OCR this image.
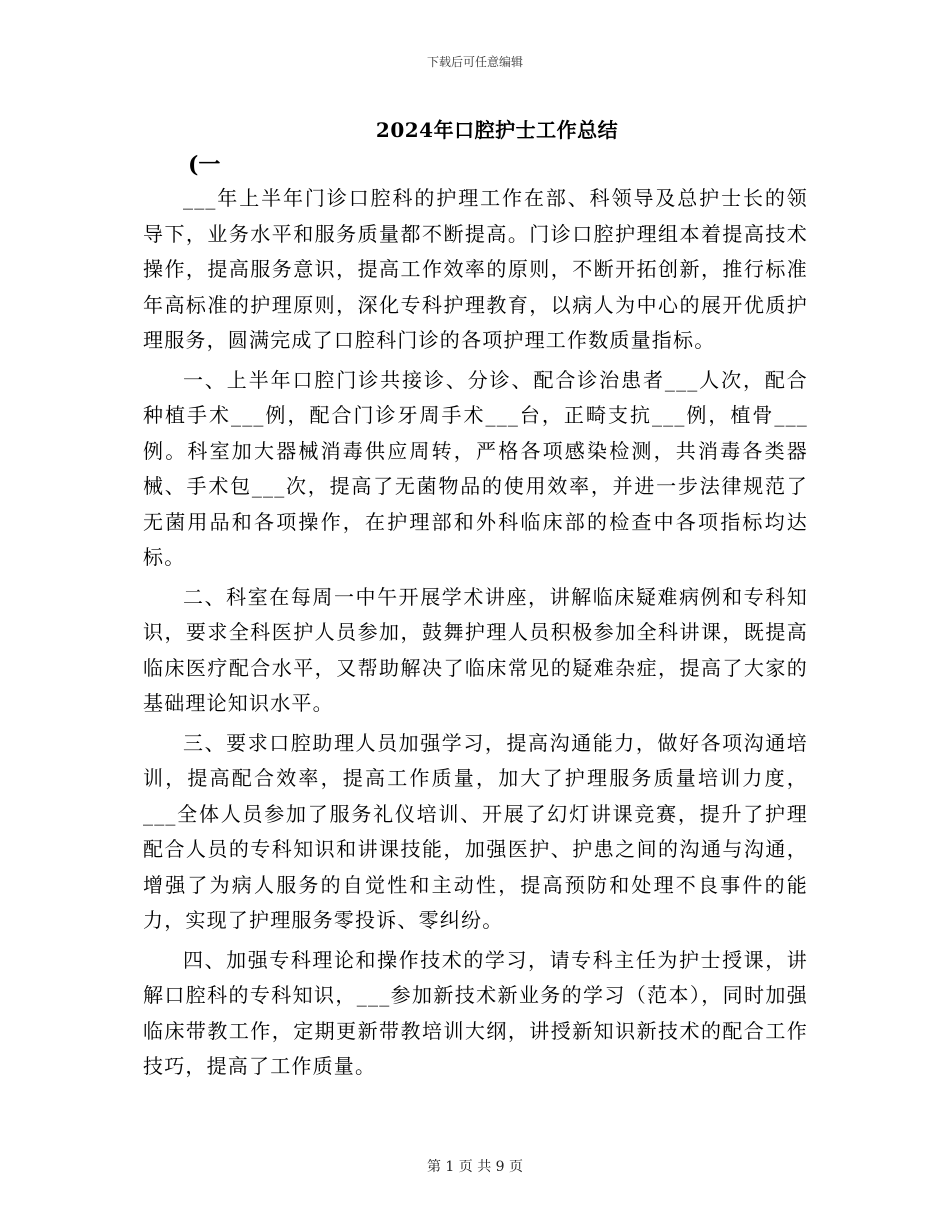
下载后可任意编辑
2024年口腔护士工作总结
(一

___年上半年门诊口腔科的护理工作在部、科领导及总护士长的领导下，业务水平和服务质量都不断提高。门诊口腔护理组本着提高技术操作，提高服务意识，提高工作效率的原则，不断开拓创新，推行标准年高标准的护理原则，深化专科护理教育，以病人为中心的展开优质护理服务，圆满完成了口腔科门诊的各项护理工作数质量指标。

一、上半年口腔门诊共接诊、分诊、配合诊治患者___人次，配合种植手术___例，配合门诊牙周手术___台，正畸支抗___例，植骨___例。科室加大器械消毒供应周转，严格各项感染检测，共消毒各类器械、手术包___次，提高了无菌物品的使用效率，并进一步法律规范了无菌用品和各项操作，在护理部和外科临床部的检查中各项指标均达标。

二、科室在每周一中午开展学术讲座，讲解临床疑难病例和专科知识，要求全科医护人员参加，鼓舞护理人员积极参加全科讲课，既提高临床医疗配合水平，又帮助解决了临床常见的疑难杂症，提高了大家的基础理论知识水平。

三、要求口腔助理人员加强学习，提高沟通能力，做好各项沟通培训，提高配合效率，提高工作质量，加大了护理服务质量培训力度，___全体人员参加了服务礼仪培训、开展了幻灯讲课竞赛，提升了护理配合人员的专科知识和讲课技能，加强医护、护患之间的沟通与沟通，增强了为病人服务的自觉性和主动性，提高预防和处理不良事件的能力，实现了护理服务零投诉、零纠纷。

四、加强专科理论和操作技术的学习，请专科主任为护士授课，讲解口腔科的专科知识，___参加新技术新业务的学习（范本），同时加强临床带教工作，定期更新带教培训大纲，讲授新知识新技术的配合工作技巧，提高了工作质量。

第 1 页 共 9 页
